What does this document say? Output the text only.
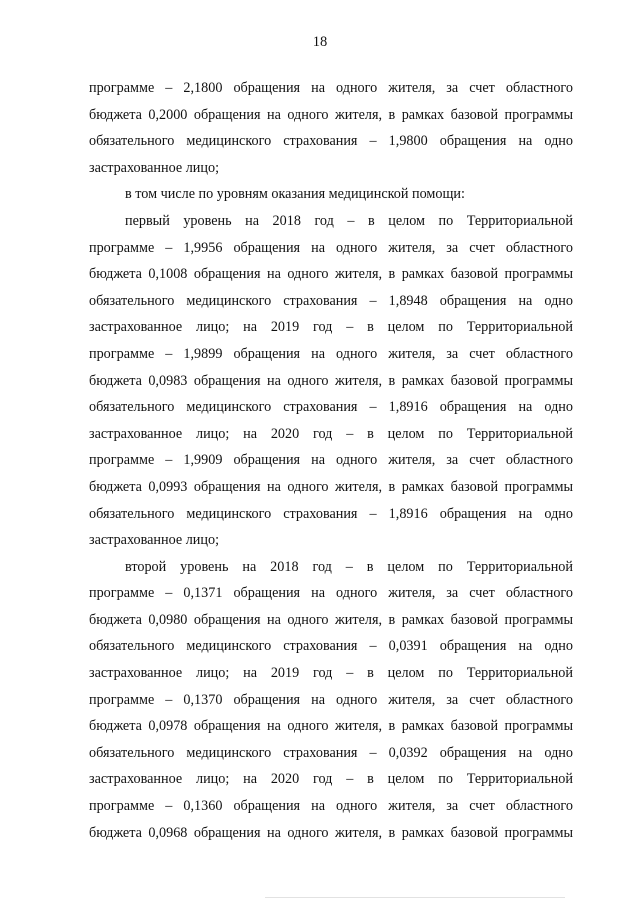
18
программе – 2,1800 обращения на одного жителя, за счет областного
бюджета 0,2000 обращения на одного жителя, в рамках базовой программы
обязательного медицинского страхования – 1,9800 обращения на одно
застрахованное лицо;
в том числе по уровням оказания медицинской помощи:
первый уровень на 2018 год – в целом по Территориальной
программе – 1,9956 обращения на одного жителя, за счет областного
бюджета 0,1008 обращения на одного жителя, в рамках базовой программы
обязательного медицинского страхования – 1,8948 обращения на одно
застрахованное лицо; на 2019 год – в целом по Территориальной
программе – 1,9899 обращения на одного жителя, за счет областного
бюджета 0,0983 обращения на одного жителя, в рамках базовой программы
обязательного медицинского страхования – 1,8916 обращения на одно
застрахованное лицо; на 2020 год – в целом по Территориальной
программе – 1,9909 обращения на одного жителя, за счет областного
бюджета 0,0993 обращения на одного жителя, в рамках базовой программы
обязательного медицинского страхования – 1,8916 обращения на одно
застрахованное лицо;
второй уровень на 2018 год – в целом по Территориальной
программе – 0,1371 обращения на одного жителя, за счет областного
бюджета 0,0980 обращения на одного жителя, в рамках базовой программы
обязательного медицинского страхования – 0,0391 обращения на одно
застрахованное лицо; на 2019 год – в целом по Территориальной
программе – 0,1370 обращения на одного жителя, за счет областного
бюджета 0,0978 обращения на одного жителя, в рамках базовой программы
обязательного медицинского страхования – 0,0392 обращения на одно
застрахованное лицо; на 2020 год – в целом по Территориальной
программе – 0,1360 обращения на одного жителя, за счет областного
бюджета 0,0968 обращения на одного жителя, в рамках базовой программы
